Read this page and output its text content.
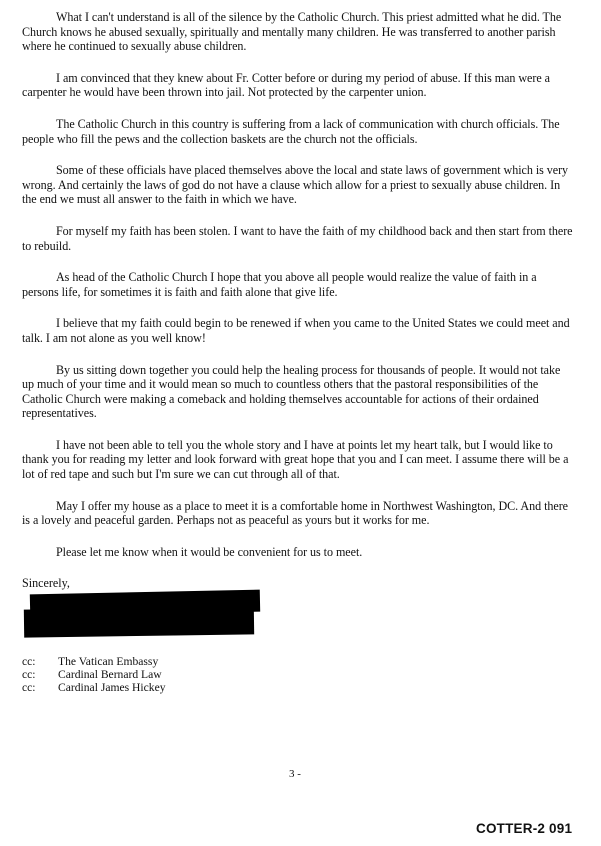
What I can't understand is all of the silence by the Catholic Church. This priest admitted what he did. The Church knows he abused sexually, spiritually and mentally many children. He was transferred to another parish where he continued to sexually abuse children.

I am convinced that they knew about Fr. Cotter before or during my period of abuse. If this man were a carpenter he would have been thrown into jail. Not protected by the carpenter union.

The Catholic Church in this country is suffering from a lack of communication with church officials. The people who fill the pews and the collection baskets are the church not the officials.

Some of these officials have placed themselves above the local and state laws of government which is very wrong. And certainly the laws of god do not have a clause which allow for a priest to sexually abuse children. In the end we must all answer to the faith in which we have.

For myself my faith has been stolen. I want to have the faith of my childhood back and then start from there to rebuild.

As head of the Catholic Church I hope that you above all people would realize the value of faith in a persons life, for sometimes it is faith and faith alone that give life.

I believe that my faith could begin to be renewed if when you came to the United States we could meet and talk. I am not alone as you well know!

By us sitting down together you could help the healing process for thousands of people. It would not take up much of your time and it would mean so much to countless others that the pastoral responsibilities of the Catholic Church were making a comeback and holding themselves accountable for actions of their ordained representatives.

I have not been able to tell you the whole story and I have at points let my heart talk, but I would like to thank you for reading my letter and look forward with great hope that you and I can meet. I assume there will be a lot of red tape and such but I'm sure we can cut through all of that.

May I offer my house as a place to meet it is a comfortable home in Northwest Washington, DC. And there is a lovely and peaceful garden. Perhaps not as peaceful as yours but it works for me.

Please let me know when it would be convenient for us to meet.

Sincerely,

cc:	The Vatican Embassy
cc:	Cardinal Bernard Law
cc:	Cardinal James Hickey
3 -
COTTER-2 091
